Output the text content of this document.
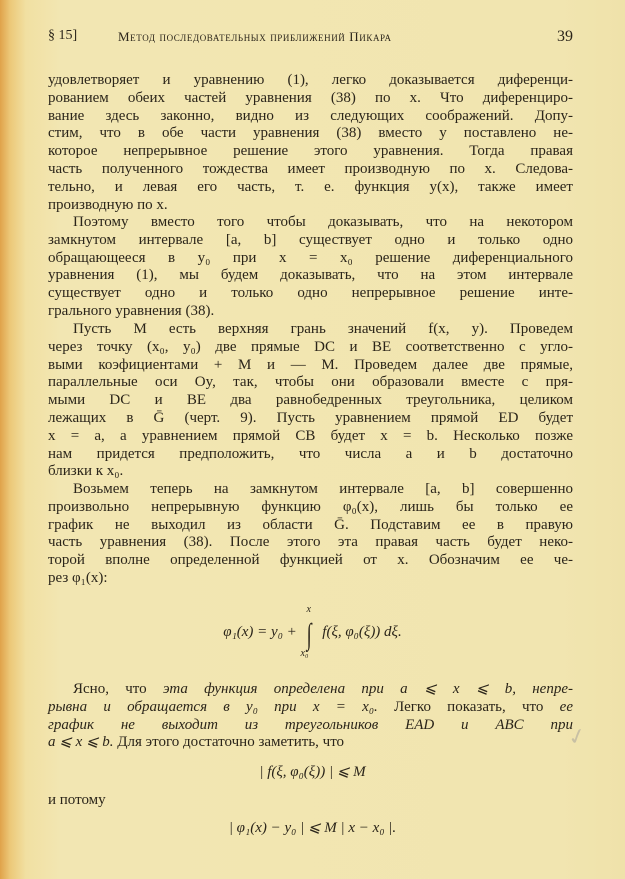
§ 15]	Метод последовательных приближений Пикара	39
удовлетворяет и уравнению (1), легко доказывается диференци-
рованием обеих частей уравнения (38) по x. Что диференциро-
вание здесь законно, видно из следующих соображений. Допу-
стим, что в обе части уравнения (38) вместо y поставлено не-
которое непрерывное решение этого уравнения. Тогда правая
часть полученного тождества имеет производную по x. Следова-
тельно, и левая его часть, т. е. функция y(x), также имеет
производную по x.
Поэтому вместо того чтобы доказывать, что на некотором
замкнутом интервале [a, b] существует одно и только одно
обращающееся в y₀ при x = x₀ решение диференциального
уравнения (1), мы будем доказывать, что на этом интервале
существует одно и только одно непрерывное решение инте-
грального уравнения (38).
Пусть M есть верхняя грань значений f(x, y). Проведем
через точку (x₀, y₀) две прямые DC и BE соответственно с угло-
выми коэфициентами + M и — M. Проведем далее две прямые,
параллельные оси Oy, так, чтобы они образовали вместе с пря-
мыми DC и BE два равнобедренных треугольника, целиком
лежащих в Ḡ (черт. 9). Пусть уравнением прямой ED будет
x = a, а уравнением прямой CB будет x = b. Несколько позже
нам придется предположить, что числа a и b достаточно
близки к x₀.
Возьмем теперь на замкнутом интервале [a, b] совершенно
произвольно непрерывную функцию φ₀(x), лишь бы только ее
график не выходил из области Ḡ. Подставим ее в правую
часть уравнения (38). После этого эта правая часть будет неко-
торой вполне определенной функцией от x. Обозначим ее че-
рез φ₁(x):
φ₁(x) = y₀ +
x
∫
x₀
f(ξ, φ₀(ξ)) dξ.
Ясно, что эта функция определена при a ⩽ x ⩽ b, непре-
рывна и обращается в y₀ при x = x₀. Легко показать, что ее
график не выходит из треугольников EAD и ABC при
a ⩽ x ⩽ b. Для этого достаточно заметить, что
| f(ξ, φ₀(ξ)) | ⩽ M
и потому
| φ₁(x) − y₀ | ⩽ M | x − x₀ |.
✓
